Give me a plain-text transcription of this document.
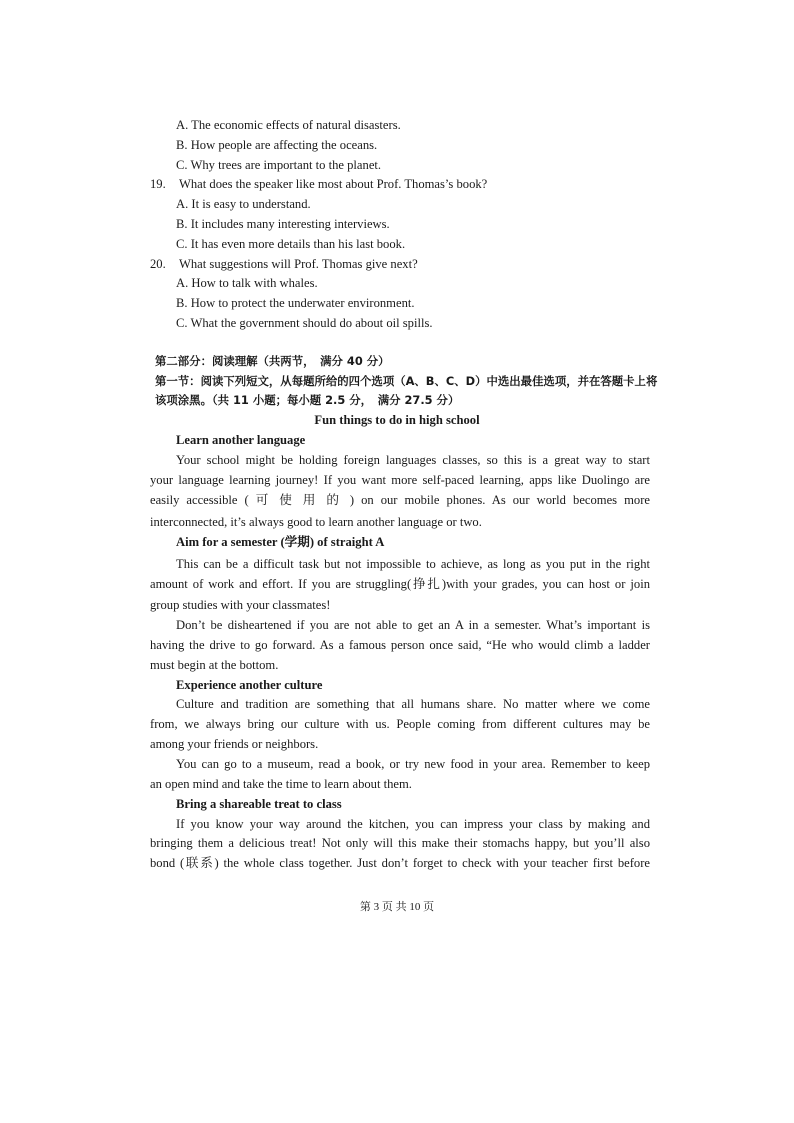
A. The economic effects of natural disasters.
B. How people are affecting the oceans.
C. Why trees are important to the planet.
19. What does the speaker like most about Prof. Thomas’s book?
A. It is easy to understand.
B. It includes many interesting interviews.
C. It has even more details than his last book.
20. What suggestions will Prof. Thomas give next?
A. How to talk with whales.
B. How to protect the underwater environment.
C. What the government should do about oil spills.
第二部分：阅读理解（共两节，　满分 40 分）
第一节：阅读下列短文，从每题所给的四个选项（A、B、C、D）中选出最佳选项，并在答题卡上将
该项涂黑。（共 11 小题；每小题 2.5 分，　满分 27.5 分）
Fun things to do in high school
Learn another language
Your school might be holding foreign languages classes, so this is a great way to start
your language learning journey! If you want more self-paced learning, apps like Duolingo are
easily accessible ( 可 使 用 的 ) on our mobile phones. As our world becomes more
interconnected, it’s always good to learn another language or two.
Aim for a semester (学期) of straight A
This can be a difficult task but not impossible to achieve, as long as you put in the right
amount of work and effort. If you are struggling(挣扎)with your grades, you can host or join
group studies with your classmates!
Don’t be disheartened if you are not able to get an A in a semester. What’s important is
having the drive to go forward. As a famous person once said, “He who would climb a ladder
must begin at the bottom.
Experience another culture
Culture and tradition are something that all humans share. No matter where we come
from, we always bring our culture with us. People coming from different cultures may be
among your friends or neighbors.
You can go to a museum, read a book, or try new food in your area. Remember to keep
an open mind and take the time to learn about them.
Bring a shareable treat to class
If you know your way around the kitchen, you can impress your class by making and
bringing them a delicious treat! Not only will this make their stomachs happy, but you’ll also
bond (联系) the whole class together. Just don’t forget to check with your teacher first before
第 3 页 共 10 页
